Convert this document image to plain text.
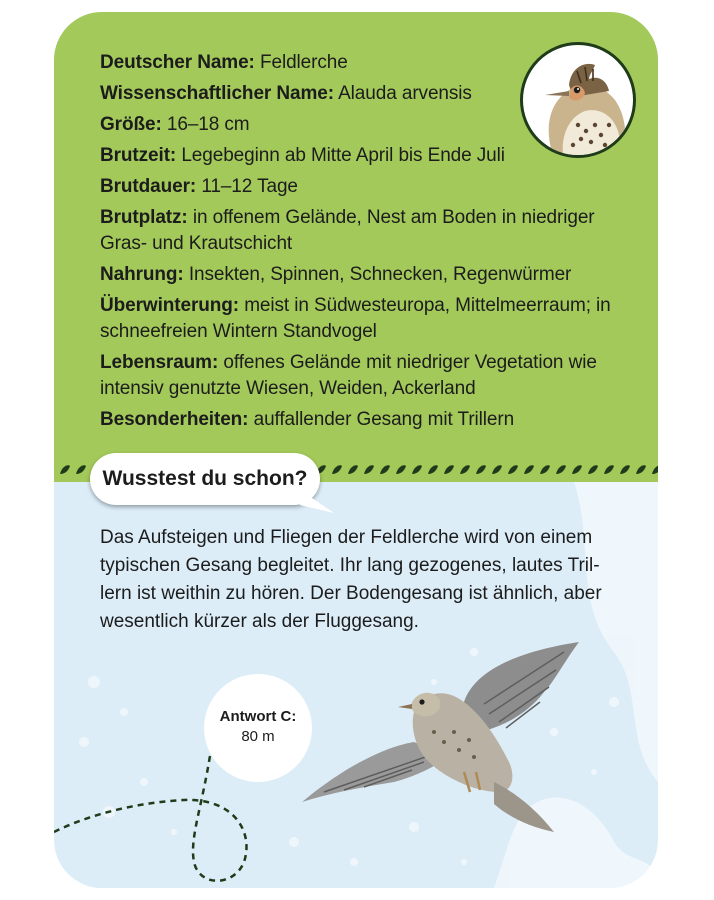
Deutscher Name: Feldlerche
Wissenschaftlicher Name: Alauda arvensis
Größe: 16–18 cm
Brutzeit: Legebeginn ab Mitte April bis Ende Juli
Brutdauer: 11–12 Tage
Brutplatz: in offenem Gelände, Nest am Boden in niedriger Gras- und Krautschicht
Nahrung: Insekten, Spinnen, Schnecken, Regenwürmer
Überwinterung: meist in Südwesteuropa, Mittelmeerraum; in schneefreien Wintern Standvogel
Lebensraum: offenes Gelände mit niedriger Vegetation wie intensiv genutzte Wiesen, Weiden, Ackerland
Besonderheiten: auffallender Gesang mit Trillern
Wusstest du schon?

Das Aufsteigen und Fliegen der Feldlerche wird von einem typischen Gesang begleitet. Ihr lang gezogenes, lautes Trillern ist weithin zu hören. Der Bodengesang ist ähnlich, aber wesentlich kürzer als der Fluggesang.

Antwort C:
80 m
